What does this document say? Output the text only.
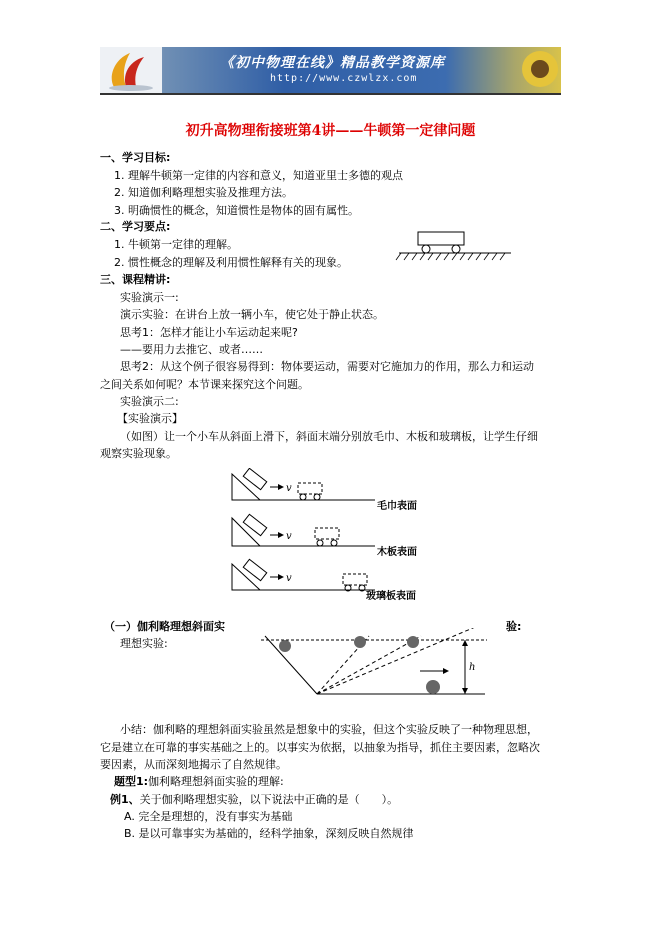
《初中物理在线》精品教学资源库
http://www.czwlzx.com
初升高物理衔接班第4讲——牛顿第一定律问题
一、学习目标:
1. 理解牛顿第一定律的内容和意义，知道亚里士多德的观点
2. 知道伽利略理想实验及推理方法。
3. 明确惯性的概念，知道惯性是物体的固有属性。
二、学习要点:
1. 牛顿第一定律的理解。
2. 惯性概念的理解及利用惯性解释有关的现象。
三、课程精讲:
实验演示一:
演示实验：在讲台上放一辆小车，使它处于静止状态。
思考1：怎样才能让小车运动起来呢?
——要用力去推它、或者……
思考2：从这个例子很容易得到：物体要运动，需要对它施加力的作用，那么力和运动
之间关系如何呢？本节课来探究这个问题。
实验演示二:
【实验演示】
（如图）让一个小车从斜面上滑下，斜面末端分别放毛巾、木板和玻璃板，让学生仔细
观察实验现象。
v
v
v
毛巾表面
木板表面
玻璃板表面
（一）伽利略理想斜面实	验:
理想实验:
h
小结：伽利略的理想斜面实验虽然是想象中的实验，但这个实验反映了一种物理思想，
它是建立在可靠的事实基础之上的。以事实为依据，以抽象为指导，抓住主要因素，忽略次
要因素，从而深刻地揭示了自然规律。
题型1:伽利略理想斜面实验的理解:
例1、关于伽利略理想实验，以下说法中正确的是（　　）。
A. 完全是理想的，没有事实为基础
B. 是以可靠事实为基础的，经科学抽象，深刻反映自然规律
